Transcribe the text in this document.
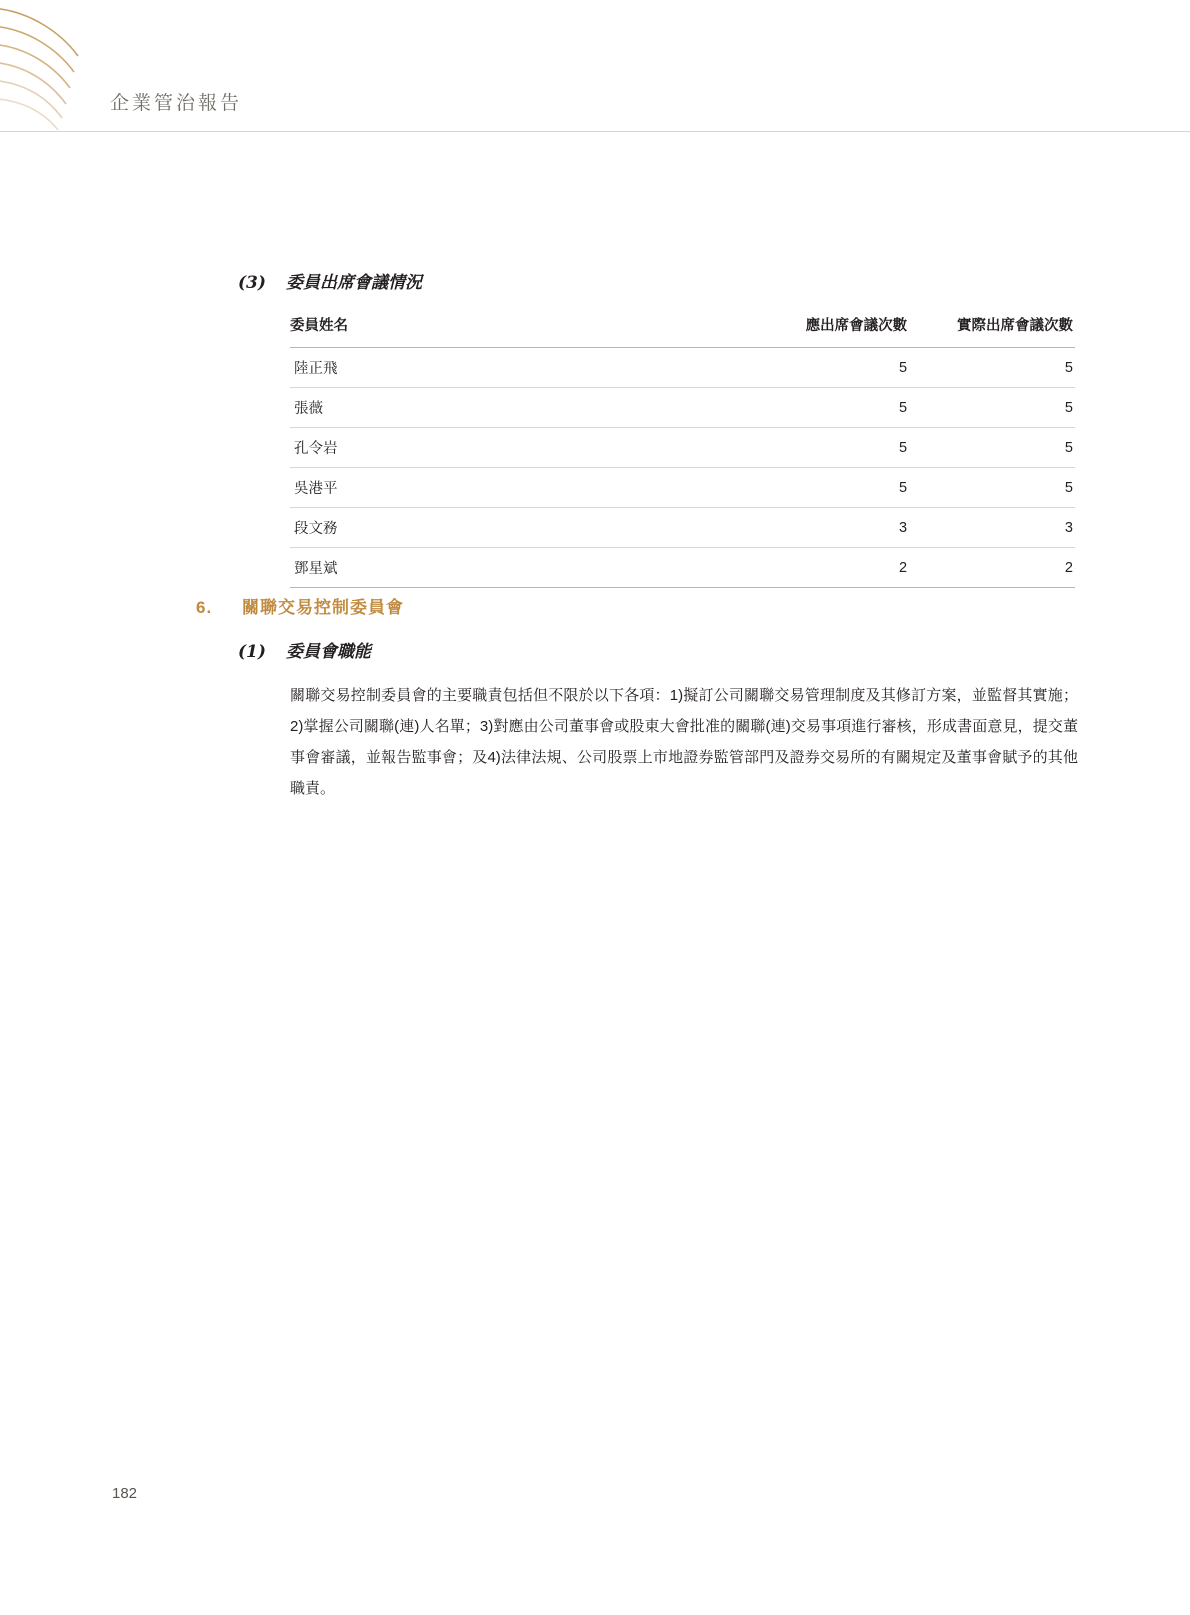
企業管治報告
(3) 委員出席會議情況
委員姓名	應出席會議次數	實際出席會議次數
陸正飛	5	5
張薇	5	5
孔令岩	5	5
吳港平	5	5
段文務	3	3
鄧星斌	2	2
6. 關聯交易控制委員會
(1) 委員會職能
關聯交易控制委員會的主要職責包括但不限於以下各項：1)擬訂公司關聯交易管理制度及其修訂方案，並監督其實施；2)掌握公司關聯(連)人名單；3)對應由公司董事會或股東大會批准的關聯(連)交易事項進行審核，形成書面意見，提交董事會審議，並報告監事會；及4)法律法規、公司股票上市地證券監管部門及證券交易所的有關規定及董事會賦予的其他職責。
182
